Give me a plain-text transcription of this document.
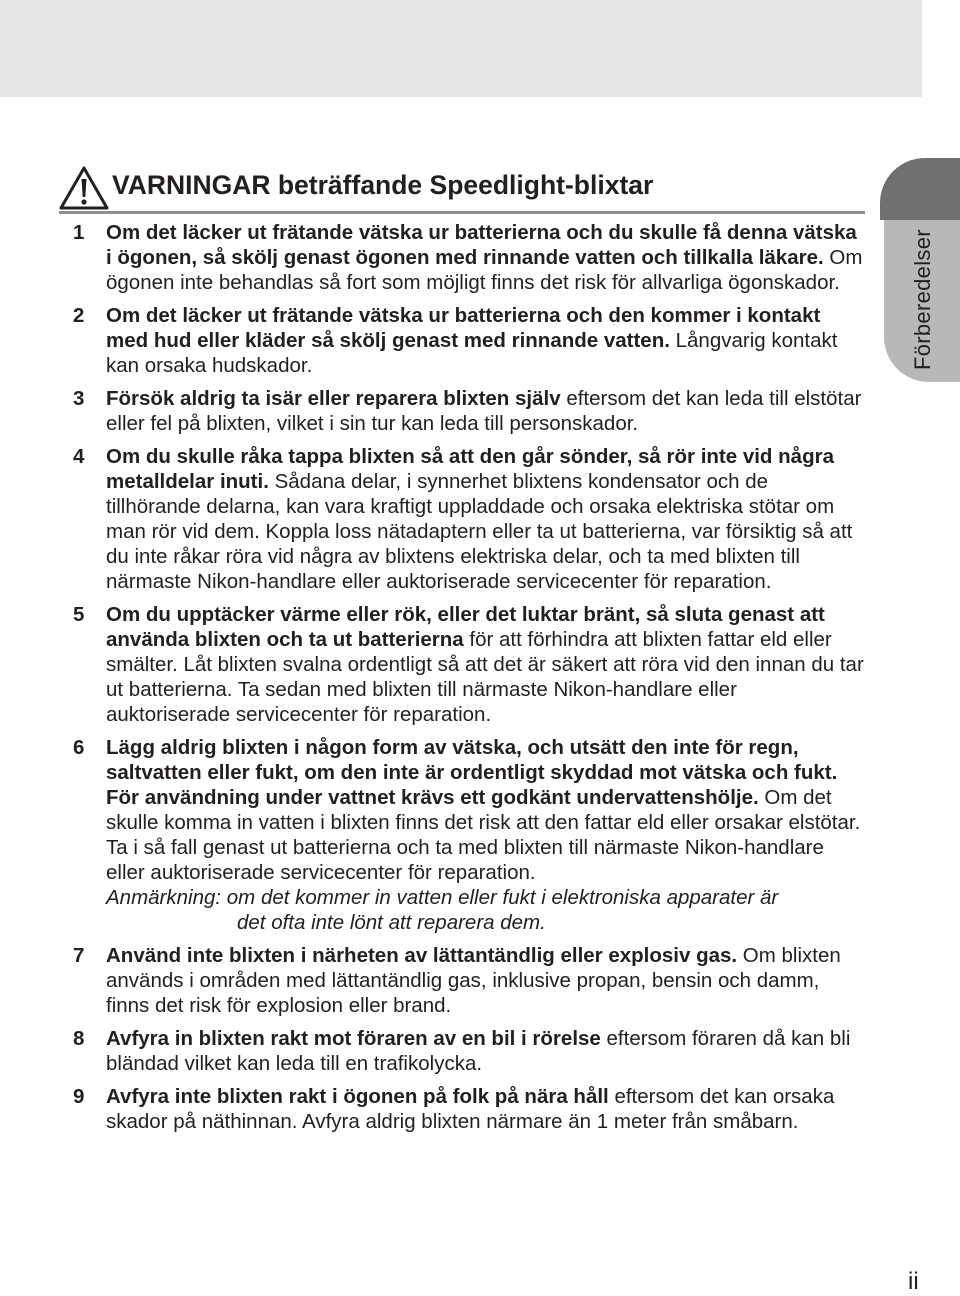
Förberedelser
VARNINGAR beträffande Speedlight-blixtar
1 Om det läcker ut frätande vätska ur batterierna och du skulle få denna vätska i ögonen, så skölj genast ögonen med rinnande vatten och tillkalla läkare. Om ögonen inte behandlas så fort som möjligt finns det risk för allvarliga ögonskador.
2 Om det läcker ut frätande vätska ur batterierna och den kommer i kontakt med hud eller kläder så skölj genast med rinnande vatten. Långvarig kontakt kan orsaka hudskador.
3 Försök aldrig ta isär eller reparera blixten själv eftersom det kan leda till elstötar eller fel på blixten, vilket i sin tur kan leda till personskador.
4 Om du skulle råka tappa blixten så att den går sönder, så rör inte vid några metalldelar inuti. Sådana delar, i synnerhet blixtens kondensator och de tillhörande delarna, kan vara kraftigt uppladdade och orsaka elektriska stötar om man rör vid dem. Koppla loss nätadaptern eller ta ut batterierna, var försiktig så att du inte råkar röra vid några av blixtens elektriska delar, och ta med blixten till närmaste Nikon-handlare eller auktoriserade servicecenter för reparation.
5 Om du upptäcker värme eller rök, eller det luktar bränt, så sluta genast att använda blixten och ta ut batterierna för att förhindra att blixten fattar eld eller smälter. Låt blixten svalna ordentligt så att det är säkert att röra vid den innan du tar ut batterierna. Ta sedan med blixten till närmaste Nikon-handlare eller auktoriserade servicecenter för reparation.
6 Lägg aldrig blixten i någon form av vätska, och utsätt den inte för regn, saltvatten eller fukt, om den inte är ordentligt skyddad mot vätska och fukt. För användning under vattnet krävs ett godkänt undervattenshölje. Om det skulle komma in vatten i blixten finns det risk att den fattar eld eller orsakar elstötar. Ta i så fall genast ut batterierna och ta med blixten till närmaste Nikon-handlare eller auktoriserade servicecenter för reparation.
Anmärkning: om det kommer in vatten eller fukt i elektroniska apparater är
det ofta inte lönt att reparera dem.
7 Använd inte blixten i närheten av lättantändlig eller explosiv gas. Om blixten används i områden med lättantändlig gas, inklusive propan, bensin och damm, finns det risk för explosion eller brand.
8 Avfyra in blixten rakt mot föraren av en bil i rörelse eftersom föraren då kan bli bländad vilket kan leda till en trafikolycka.
9 Avfyra inte blixten rakt i ögonen på folk på nära håll eftersom det kan orsaka skador på näthinnan. Avfyra aldrig blixten närmare än 1 meter från småbarn.
ii
